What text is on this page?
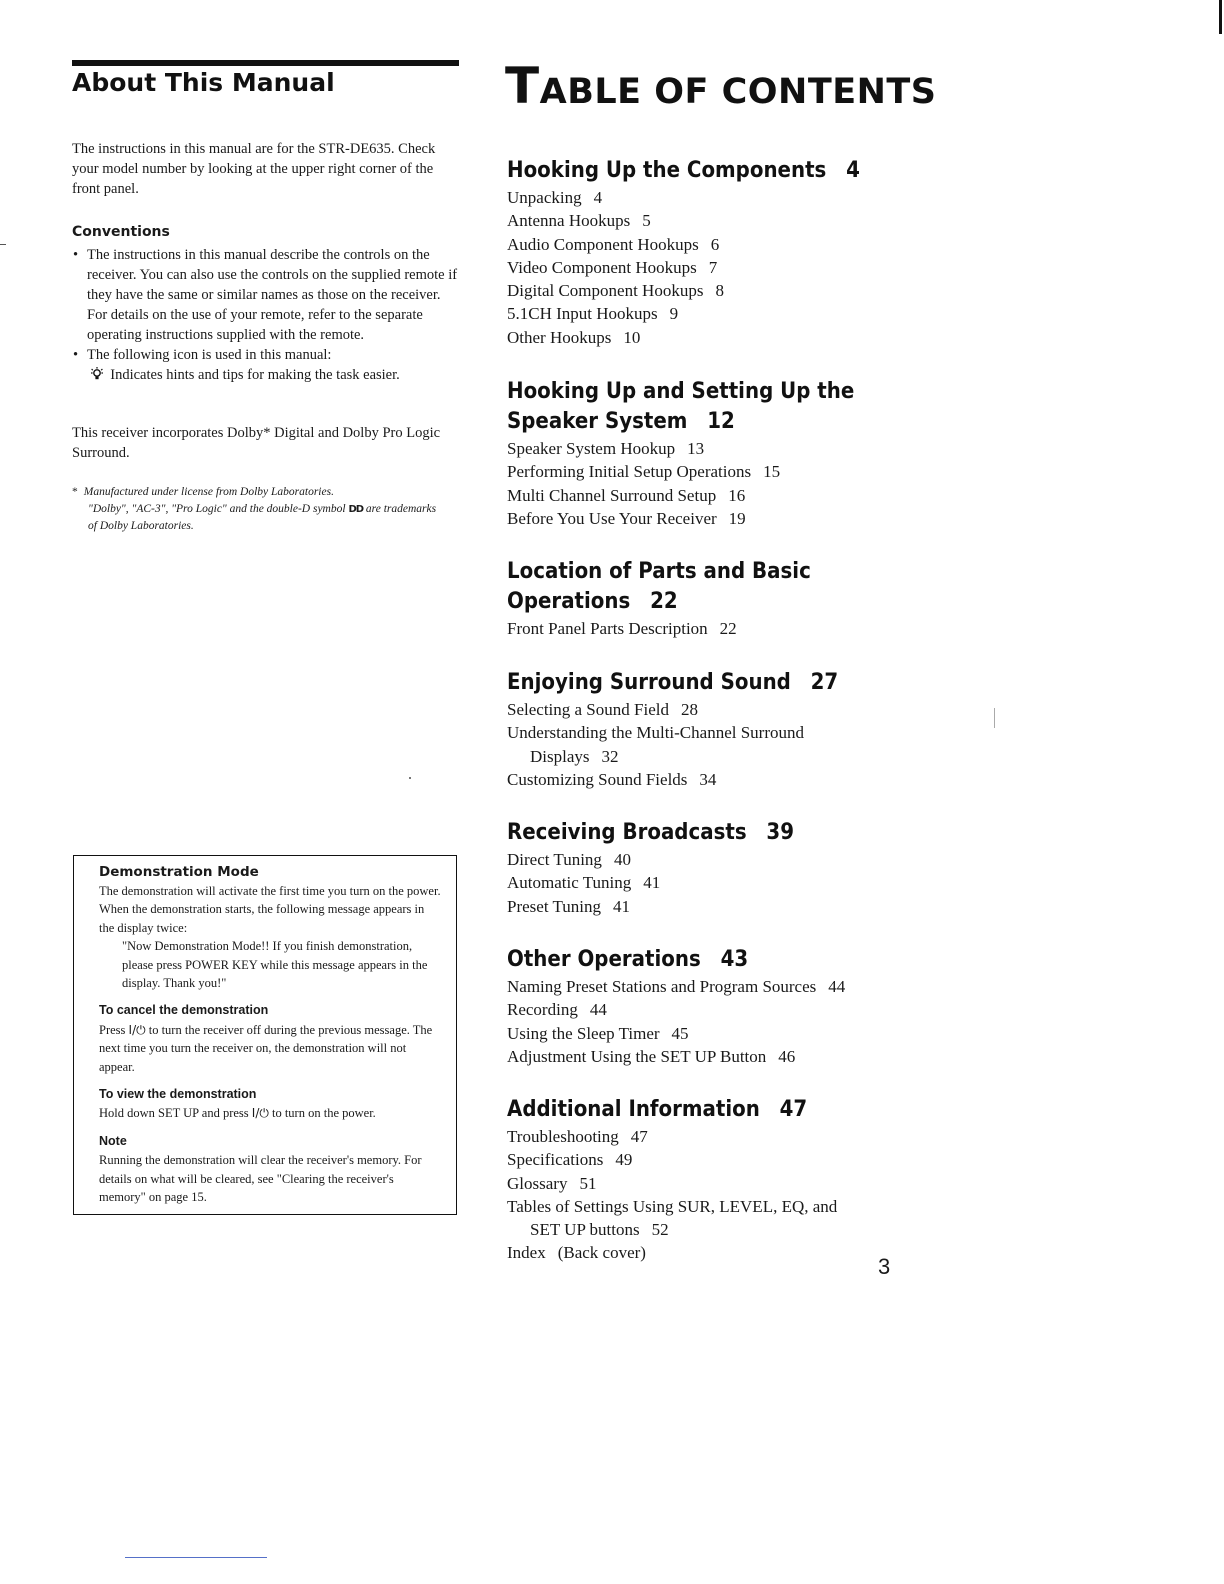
About This Manual

The instructions in this manual are for the STR-DE635. Check your model number by looking at the upper right corner of the front panel.

Conventions
• The instructions in this manual describe the controls on the receiver. You can also use the controls on the supplied remote if they have the same or similar names as those on the receiver. For details on the use of your remote, refer to the separate operating instructions supplied with the remote.
• The following icon is used in this manual:
Indicates hints and tips for making the task easier.

This receiver incorporates Dolby* Digital and Dolby Pro Logic Surround.

* Manufactured under license from Dolby Laboratories.
"Dolby", "AC-3", "Pro Logic" and the double-D symbol DD are trademarks of Dolby Laboratories.

Demonstration Mode

The demonstration will activate the first time you turn on the power. When the demonstration starts, the following message appears in the display twice:

"Now Demonstration Mode!! If you finish demonstration, please press POWER KEY while this message appears in the display. Thank you!"

To cancel the demonstration

Press I/⏻ to turn the receiver off during the previous message. The next time you turn the receiver on, the demonstration will not appear.

To view the demonstration

Hold down SET UP and press I/⏻ to turn on the power.

Note

Running the demonstration will clear the receiver's memory. For details on what will be cleared, see "Clearing the receiver's memory" on page 15.

TABLE OF CONTENTS
Hooking Up the Components 4
Unpacking 4
Antenna Hookups 5
Audio Component Hookups 6
Video Component Hookups 7
Digital Component Hookups 8
5.1CH Input Hookups 9
Other Hookups 10
Hooking Up and Setting Up the
Speaker System 12
Speaker System Hookup 13
Performing Initial Setup Operations 15
Multi Channel Surround Setup 16
Before You Use Your Receiver 19
Location of Parts and Basic
Operations 22
Front Panel Parts Description 22
Enjoying Surround Sound 27
Selecting a Sound Field 28
Understanding the Multi-Channel Surround
Displays 32
Customizing Sound Fields 34
Receiving Broadcasts 39
Direct Tuning 40
Automatic Tuning 41
Preset Tuning 41
Other Operations 43
Naming Preset Stations and Program Sources 44
Recording 44
Using the Sleep Timer 45
Adjustment Using the SET UP Button 46
Additional Information 47
Troubleshooting 47
Specifications 49
Glossary 51
Tables of Settings Using SUR, LEVEL, EQ, and
SET UP buttons 52
Index (Back cover)

3
